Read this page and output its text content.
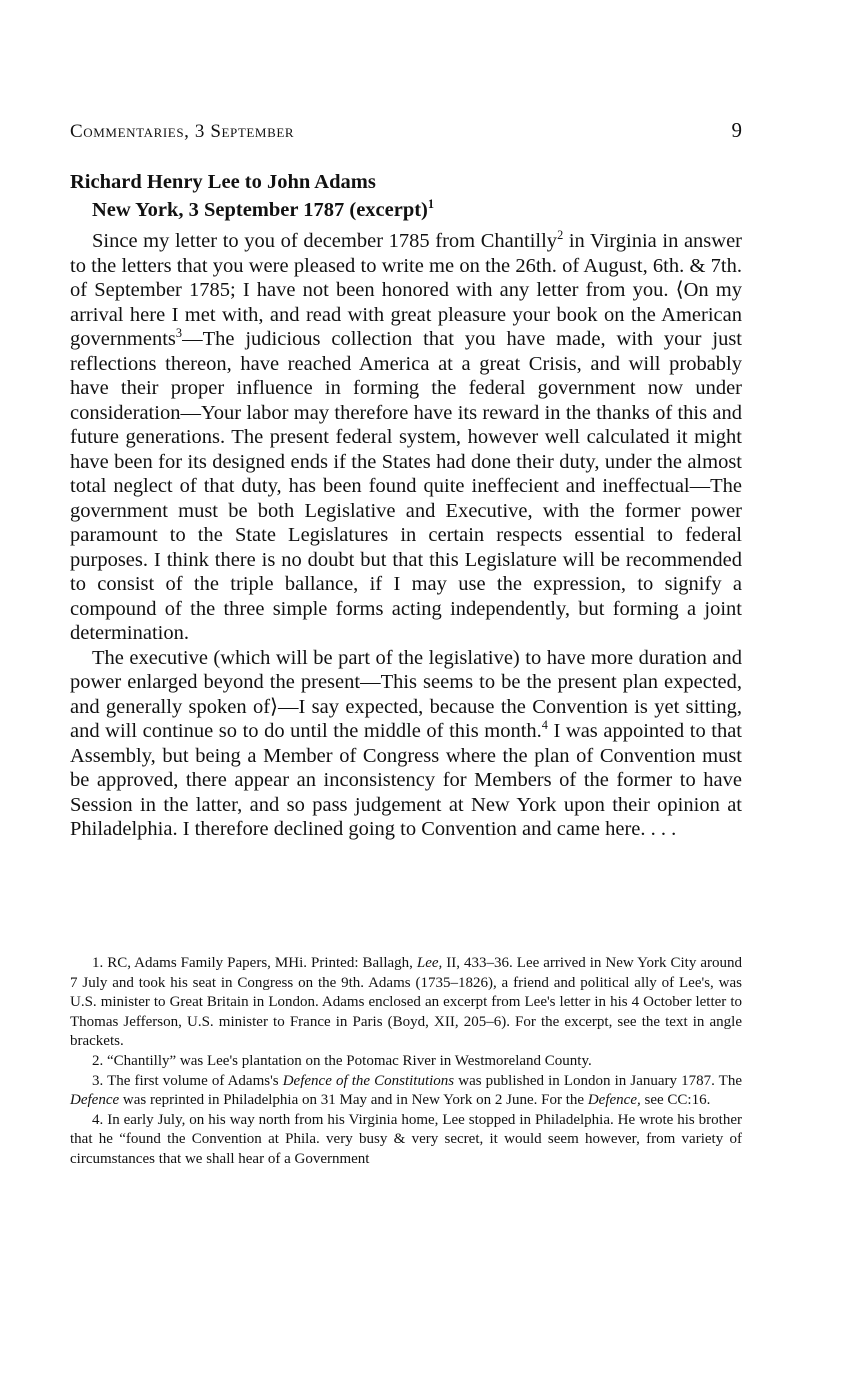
Commentaries, 3 September	9
Richard Henry Lee to John Adams
New York, 3 September 1787 (excerpt)$^1$

Since my letter to you of december 1785 from Chantilly$^2$ in Virginia in answer to the letters that you were pleased to write me on the 26th. of August, 6th. & 7th. of September 1785; I have not been honored with any letter from you. ⟨On my arrival here I met with, and read with great pleasure your book on the American governments$^3$—The judicious collection that you have made, with your just reflections thereon, have reached America at a great Crisis, and will probably have their proper influence in forming the federal government now under consideration—Your labor may therefore have its reward in the thanks of this and future generations. The present federal system, however well calculated it might have been for its designed ends if the States had done their duty, under the almost total neglect of that duty, has been found quite ineffecient and ineffectual—The government must be both Legislative and Executive, with the former power paramount to the State Legislatures in certain respects essential to federal purposes. I think there is no doubt but that this Legislature will be recommended to consist of the triple ballance, if I may use the expression, to signify a compound of the three simple forms acting independently, but forming a joint determination.

The executive (which will be part of the legislative) to have more duration and power enlarged beyond the present—This seems to be the present plan expected, and generally spoken of⟩—I say expected, because the Convention is yet sitting, and will continue so to do until the middle of this month.$^4$ I was appointed to that Assembly, but being a Member of Congress where the plan of Convention must be approved, there appear an inconsistency for Members of the former to have Session in the latter, and so pass judgement at New York upon their opinion at Philadelphia. I therefore declined going to Convention and came here. . . .

1. RC, Adams Family Papers, MHi. Printed: Ballagh, Lee, II, 433–36. Lee arrived in New York City around 7 July and took his seat in Congress on the 9th. Adams (1735–1826), a friend and political ally of Lee's, was U.S. minister to Great Britain in London. Adams enclosed an excerpt from Lee's letter in his 4 October letter to Thomas Jefferson, U.S. minister to France in Paris (Boyd, XII, 205–6). For the excerpt, see the text in angle brackets.

2. “Chantilly” was Lee's plantation on the Potomac River in Westmoreland County.

3. The first volume of Adams's Defence of the Constitutions was published in London in January 1787. The Defence was reprinted in Philadelphia on 31 May and in New York on 2 June. For the Defence, see CC:16.

4. In early July, on his way north from his Virginia home, Lee stopped in Philadelphia. He wrote his brother that he “found the Convention at Phila. very busy & very secret, it would seem however, from variety of circumstances that we shall hear of a Government
